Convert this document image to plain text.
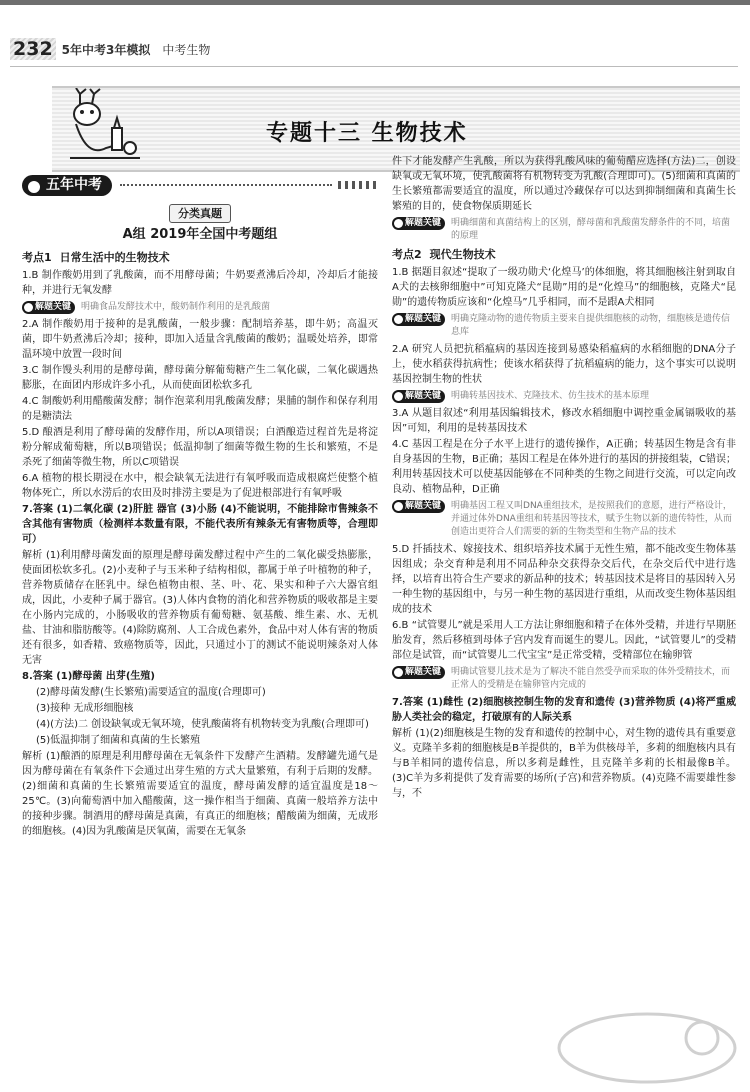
232 5年中考3年模拟 中考生物
专题十三 生物技术
五年中考
分类真题
A组 2019年全国中考题组
考点1 日常生活中的生物技术

1.B 制作酸奶用到了乳酸菌，而不用酵母菌；牛奶要煮沸后冷却，冷却后才能接种，并进行无氧发酵

解题关键 明确食品发酵技术中，酸奶制作利用的是乳酸菌

2.A 制作酸奶用于接种的是乳酸菌，一般步骤：配制培养基，即牛奶；高温灭菌，即牛奶煮沸后冷却；接种，即加入适量含乳酸菌的酸奶；温暖处培养，即常温环境中放置一段时间

3.C 制作馒头利用的是酵母菌，酵母菌分解葡萄糖产生二氧化碳，二氧化碳遇热膨胀，在面团内形成许多小孔，从而使面团松软多孔

4.C 制酸奶利用醋酸菌发酵；制作泡菜利用乳酸菌发酵；果脯的制作和保存利用的是糖渍法

5.D 酿酒是利用了酵母菌的发酵作用，所以A项错误；白酒酿造过程首先是将淀粉分解成葡萄糖，所以B项错误；低温抑制了细菌等微生物的生长和繁殖，不是杀死了细菌等微生物，所以C项错误

6.A 植物的根长期浸在水中，根会缺氧无法进行有氧呼吸而造成根腐烂使整个植物体死亡，所以水涝后的农田及时排涝主要是为了促进根部进行有氧呼吸

7.答案 (1)二氧化碳 (2)肝脏 器官 (3)小肠 (4)不能说明，不能排除市售辣条不含其他有害物质（检测样本数量有限，不能代表所有辣条无有害物质等，合理即可）

解析 (1)利用酵母菌发面的原理是酵母菌发酵过程中产生的二氧化碳受热膨胀，使面团松软多孔。(2)小麦种子与玉米种子结构相似，都属于单子叶植物的种子，营养物质储存在胚乳中。绿色植物由根、茎、叶、花、果实和种子六大器官组成，因此，小麦种子属于器官。(3)人体内食物的消化和营养物质的吸收都是主要在小肠内完成的，小肠吸收的营养物质有葡萄糖、氨基酸、维生素、水、无机盐、甘油和脂肪酸等。(4)除防腐剂、人工合成色素外，食品中对人体有害的物质还有很多，如香精、致癌物质等，因此，只通过小丁的测试不能说明辣条对人体无害

8.答案 (1)酵母菌 出芽(生殖)

(2)酵母菌发酵(生长繁殖)需要适宜的温度(合理即可)

(3)接种 无成形细胞核

(4)(方法)二 创设缺氧或无氧环境，使乳酸菌将有机物转变为乳酸(合理即可)

(5)低温抑制了细菌和真菌的生长繁殖

解析 (1)酿酒的原理是利用酵母菌在无氧条件下发酵产生酒精。发酵罐先通气是因为酵母菌在有氧条件下会通过出芽生殖的方式大量繁殖，有利于后期的发酵。(2)细菌和真菌的生长繁殖需要适宜的温度，酵母菌发酵的适宜温度是18～25℃。(3)向葡萄酒中加入醋酸菌，这一操作相当于细菌、真菌一般培养方法中的接种步骤。制酒用的酵母菌是真菌，有真正的细胞核；醋酸菌为细菌，无成形的细胞核。(4)因为乳酸菌是厌氧菌，需要在无氧条

件下才能发酵产生乳酸，所以为获得乳酸风味的葡萄醋应选择(方法)二，创设缺氧或无氧环境，使乳酸菌将有机物转变为乳酸(合理即可)。(5)细菌和真菌的生长繁殖都需要适宜的温度，所以通过冷藏保存可以达到抑制细菌和真菌生长繁殖的目的，使食物保质期延长

解题关键 明确细菌和真菌结构上的区别，酵母菌和乳酸菌发酵条件的不同，培菌的原理
考点2 现代生物技术

1.B 据题目叙述“提取了一级功勋犬‘化煌马’的体细胞，将其细胞核注射到取自A犬的去核卵细胞中”可知克隆犬“昆勋”用的是“化煌马”的细胞核，克隆犬“昆勋”的遗传物质应该和“化煌马”几乎相同，而不是跟A犬相同

解题关键 明确克隆动物的遗传物质主要来自提供细胞核的动物，细胞核是遗传信息库

2.A 研究人员把抗稻瘟病的基因连接到易感染稻瘟病的水稻细胞的DNA分子上，使水稻获得抗病性；使该水稻获得了抗稻瘟病的能力，这个事实可以说明基因控制生物的性状

解题关键 明确转基因技术、克隆技术、仿生技术的基本原理

3.A 从题目叙述“利用基因编辑技术，修改水稻细胞中调控重金属镉吸收的基因”可知，利用的是转基因技术

4.C 基因工程是在分子水平上进行的遗传操作，A正确；转基因生物是含有非自身基因的生物，B正确；基因工程是在体外进行的基因的拼接组装，C错误；利用转基因技术可以使基因能够在不同种类的生物之间进行交流，可以定向改良动、植物品种，D正确

解题关键 明确基因工程又叫DNA重组技术，是按照我们的意愿，进行严格设计，并通过体外DNA重组和转基因等技术，赋予生物以新的遗传特性，从而创造出更符合人们需要的新的生物类型和生物产品的技术

5.D 扦插技术、嫁接技术、组织培养技术属于无性生殖，都不能改变生物体基因组成；杂交育种是利用不同品种杂交获得杂交后代，在杂交后代中进行选择，以培育出符合生产要求的新品种的技术；转基因技术是将目的基因转入另一种生物的基因组中，与另一种生物的基因进行重组，从而改变生物体基因组成的技术

6.B “试管婴儿”就是采用人工方法让卵细胞和精子在体外受精，并进行早期胚胎发育，然后移植到母体子宫内发育而诞生的婴儿。因此，“试管婴儿”的受精部位是试管，而“试管婴儿二代宝宝”是正常受精，受精部位在输卵管

解题关键 明确试管婴儿技术是为了解决不能自然受孕而采取的体外受精技术，而正常人的受精是在输卵管内完成的

7.答案 (1)雌性 (2)细胞核控制生物的发育和遗传 (3)营养物质 (4)将严重威胁人类社会的稳定，打破原有的人际关系

解析 (1)(2)细胞核是生物的发育和遗传的控制中心，对生物的遗传具有重要意义。克隆羊多莉的细胞核是B羊提供的，B羊为供核母羊，多莉的细胞核内具有与B羊相同的遗传信息，所以多莉是雌性，且克隆羊多莉的长相最像B羊。(3)C羊为多莉提供了发育需要的场所(子宫)和营养物质。(4)克隆不需要雄性参与，不
